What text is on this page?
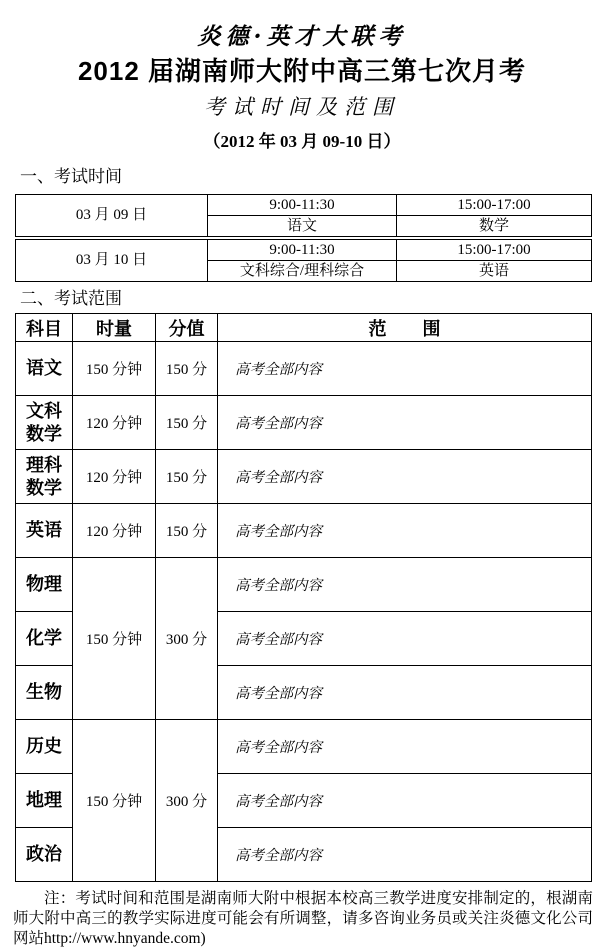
炎德·英才大联考
2012 届湖南师大附中高三第七次月考
考试时间及范围
（2012 年 03 月 09-10 日）
一、考试时间
03 月 09 日	9:00-11:30	15:00-17:00
	语文	数学
03 月 10 日	9:00-11:30	15:00-17:00
	文科综合/理科综合	英语
二、考试范围
科目	时量	分值	范　　围
语文	150 分钟	150 分	高考全部内容
文科数学	120 分钟	150 分	高考全部内容
理科数学	120 分钟	150 分	高考全部内容
英语	120 分钟	150 分	高考全部内容
物理	150 分钟	300 分	高考全部内容
化学			高考全部内容
生物			高考全部内容
历史	150 分钟	300 分	高考全部内容
地理			高考全部内容
政治			高考全部内容

注：考试时间和范围是湖南师大附中根据本校高三教学进度安排制定的，根湖南师大附中高三的教学实际进度可能会有所调整，请多咨询业务员或关注炎德文化公司网站http://www.hnyande.com)
